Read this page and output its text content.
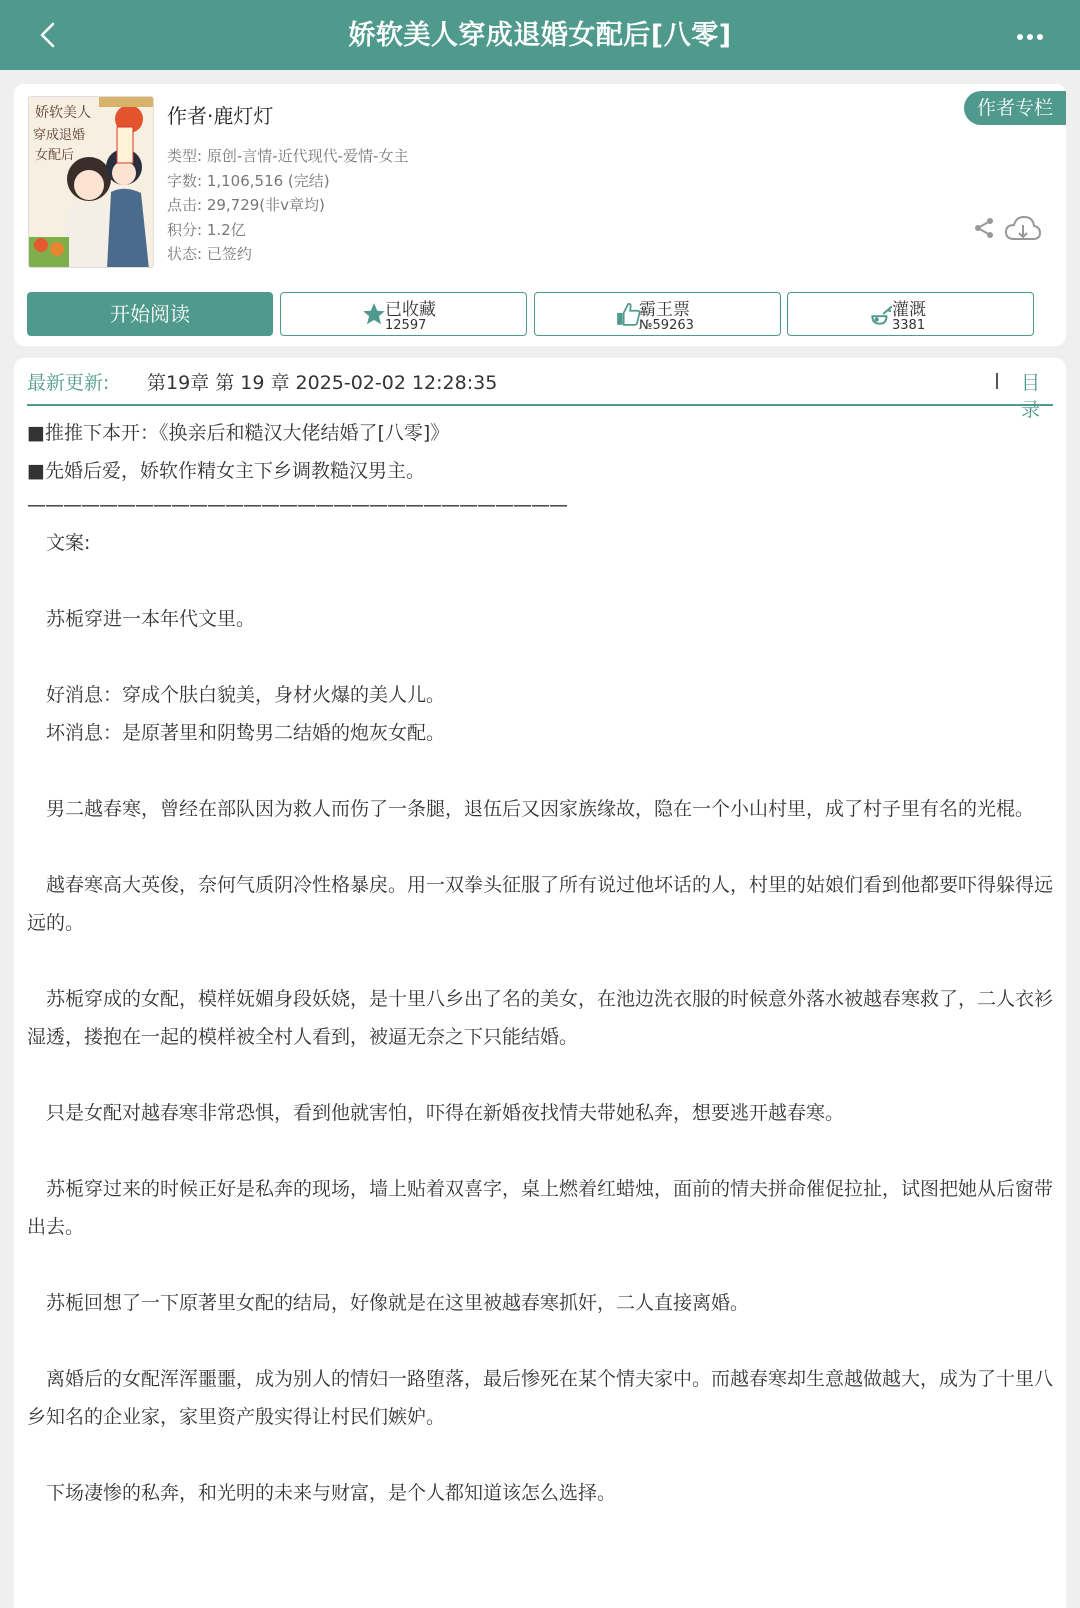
娇软美人穿成退婚女配后[八零]
娇软美人
穿成退婚
女配后
作者·鹿灯灯
类型: 原创-言情-近代现代-爱情-女主
字数: 1,106,516 (完结)
点击: 29,729(非v章均)
积分: 1.2亿
状态: 已签约
作者专栏
开始阅读	已收藏
12597
霸王票
№59263
灌溉
3381
最新更新: 第19章 第 19 章 2025-02-02 12:28:35	目录
■推推下本开：《换亲后和糙汉大佬结婚了[八零]》
■先婚后爱，娇软作精女主下乡调教糙汉男主。
——————————————————————————————
　文案:
　苏栀穿进一本年代文里。
　好消息：穿成个肤白貌美，身材火爆的美人儿。
　坏消息：是原著里和阴鸷男二结婚的炮灰女配。
　男二越春寒，曾经在部队因为救人而伤了一条腿，退伍后又因家族缘故，隐在一个小山村里，成了村子里有名的光棍。
　越春寒高大英俊，奈何气质阴冷性格暴戾。用一双拳头征服了所有说过他坏话的人，村里的姑娘们看到他都要吓得躲得远远的。
　苏栀穿成的女配，模样妩媚身段妖娆，是十里八乡出了名的美女，在池边洗衣服的时候意外落水被越春寒救了，二人衣衫湿透，搂抱在一起的模样被全村人看到，被逼无奈之下只能结婚。
　只是女配对越春寒非常恐惧，看到他就害怕，吓得在新婚夜找情夫带她私奔，想要逃开越春寒。
　苏栀穿过来的时候正好是私奔的现场，墙上贴着双喜字，桌上燃着红蜡烛，面前的情夫拼命催促拉扯，试图把她从后窗带出去。
　苏栀回想了一下原著里女配的结局，好像就是在这里被越春寒抓奸，二人直接离婚。
　离婚后的女配浑浑噩噩，成为别人的情妇一路堕落，最后惨死在某个情夫家中。而越春寒却生意越做越大，成为了十里八乡知名的企业家，家里资产殷实得让村民们嫉妒。
　下场凄惨的私奔，和光明的未来与财富，是个人都知道该怎么选择。
